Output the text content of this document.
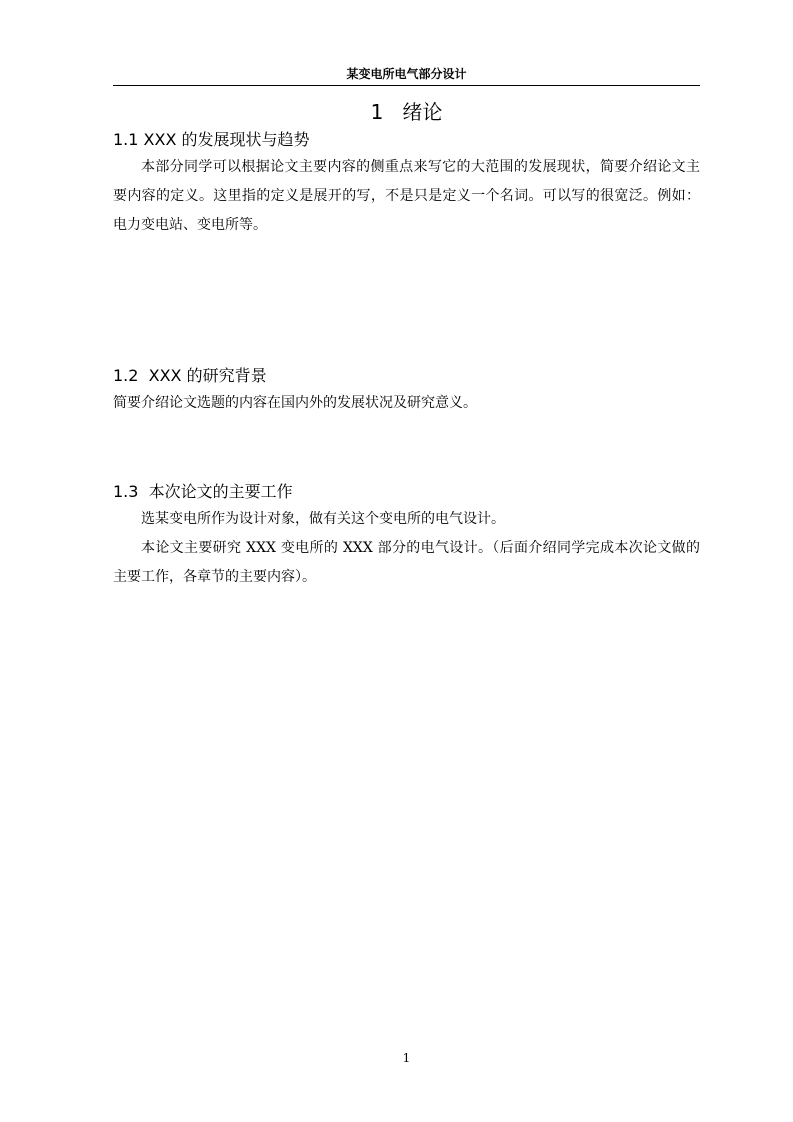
某变电所电气部分设计
1   绪论
1.1 XXX 的发展现状与趋势

本部分同学可以根据论文主要内容的侧重点来写它的大范围的发展现状，简要介绍论文主要内容的定义。这里指的定义是展开的写，不是只是定义一个名词。可以写的很宽泛。例如：电力变电站、变电所等。

1.2  XXX 的研究背景

简要介绍论文选题的内容在国内外的发展状况及研究意义。

1.3  本次论文的主要工作

选某变电所作为设计对象，做有关这个变电所的电气设计。

本论文主要研究 XXX 变电所的 XXX 部分的电气设计。（后面介绍同学完成本次论文做的主要工作，各章节的主要内容）。

1
